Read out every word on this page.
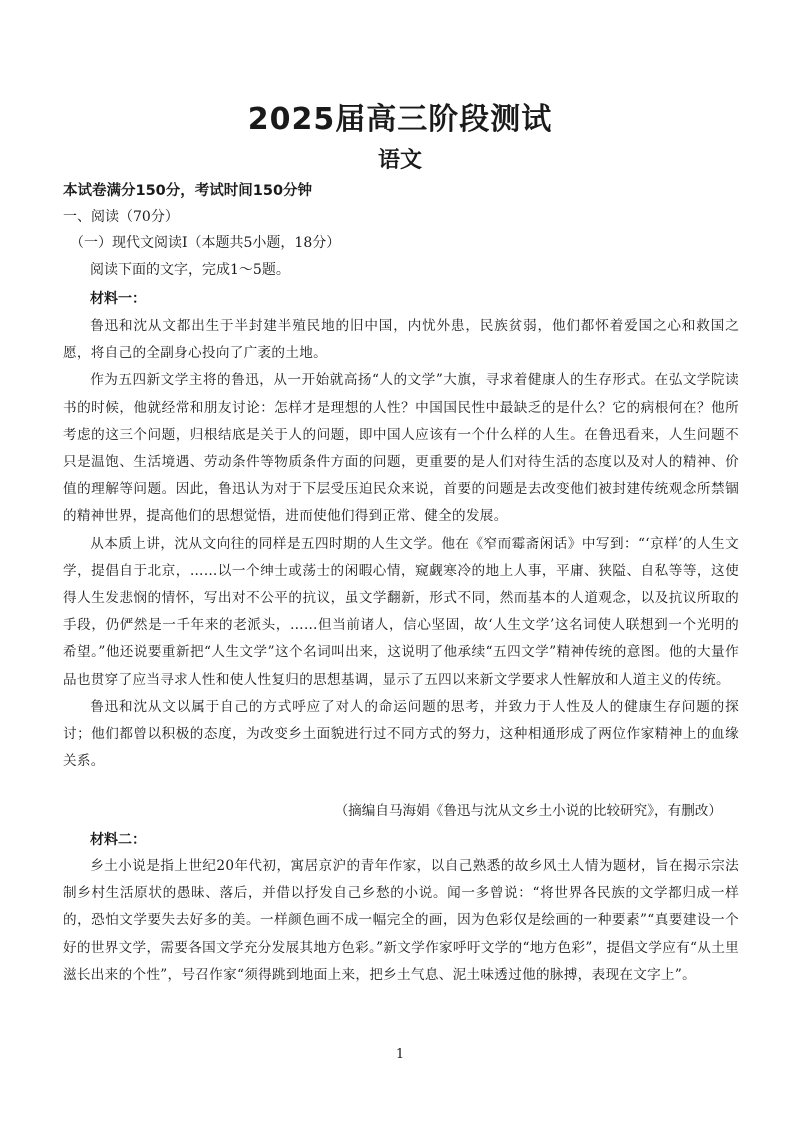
2025届高三阶段测试
语文
本试卷满分150分，考试时间150分钟
一、阅读（70分）
（一）现代文阅读Ⅰ（本题共5小题，18分）
阅读下面的文字，完成1～5题。
材料一：

鲁迅和沈从文都出生于半封建半殖民地的旧中国，内忧外患，民族贫弱，他们都怀着爱国之心和救国之愿，将自己的全副身心投向了广袤的土地。

作为五四新文学主将的鲁迅，从一开始就高扬“人的文学”大旗，寻求着健康人的生存形式。在弘文学院读书的时候，他就经常和朋友讨论：怎样才是理想的人性？中国国民性中最缺乏的是什么？它的病根何在？他所考虑的这三个问题，归根结底是关于人的问题，即中国人应该有一个什么样的人生。在鲁迅看来，人生问题不只是温饱、生活境遇、劳动条件等物质条件方面的问题，更重要的是人们对待生活的态度以及对人的精神、价值的理解等问题。因此，鲁迅认为对于下层受压迫民众来说，首要的问题是去改变他们被封建传统观念所禁锢的精神世界，提高他们的思想觉悟，进而使他们得到正常、健全的发展。

从本质上讲，沈从文向往的同样是五四时期的人生文学。他在《窄而霉斋闲话》中写到：“‘京样’的人生文学，提倡自于北京，……以一个绅士或荡士的闲暇心情，窥觑寒冷的地上人事，平庸、狭隘、自私等等，这使得人生发悲悯的情怀，写出对不公平的抗议，虽文学翻新，形式不同，然而基本的人道观念，以及抗议所取的手段，仍俨然是一千年来的老派头，……但当前诸人，信心坚固，故‘人生文学’这名词使人联想到一个光明的希望。”他还说要重新把“人生文学”这个名词叫出来，这说明了他承续“五四文学”精神传统的意图。他的大量作品也贯穿了应当寻求人性和使人性复归的思想基调，显示了五四以来新文学要求人性解放和人道主义的传统。

鲁迅和沈从文以属于自己的方式呼应了对人的命运问题的思考，并致力于人性及人的健康生存问题的探讨；他们都曾以积极的态度，为改变乡土面貌进行过不同方式的努力，这种相通形成了两位作家精神上的血缘关系。

（摘编自马海娟《鲁迅与沈从文乡土小说的比较研究》，有删改）
材料二：

乡土小说是指上世纪20年代初，寓居京沪的青年作家，以自己熟悉的故乡风土人情为题材，旨在揭示宗法制乡村生活原状的愚昧、落后，并借以抒发自己乡愁的小说。闻一多曾说：“将世界各民族的文学都归成一样的，恐怕文学要失去好多的美。一样颜色画不成一幅完全的画，因为色彩仅是绘画的一种要素”“真要建设一个好的世界文学，需要各国文学充分发展其地方色彩。”新文学作家呼吁文学的“地方色彩”，提倡文学应有“从土里滋长出来的个性”，号召作家“须得跳到地面上来，把乡土气息、泥土味透过他的脉搏，表现在文字上”。

1
